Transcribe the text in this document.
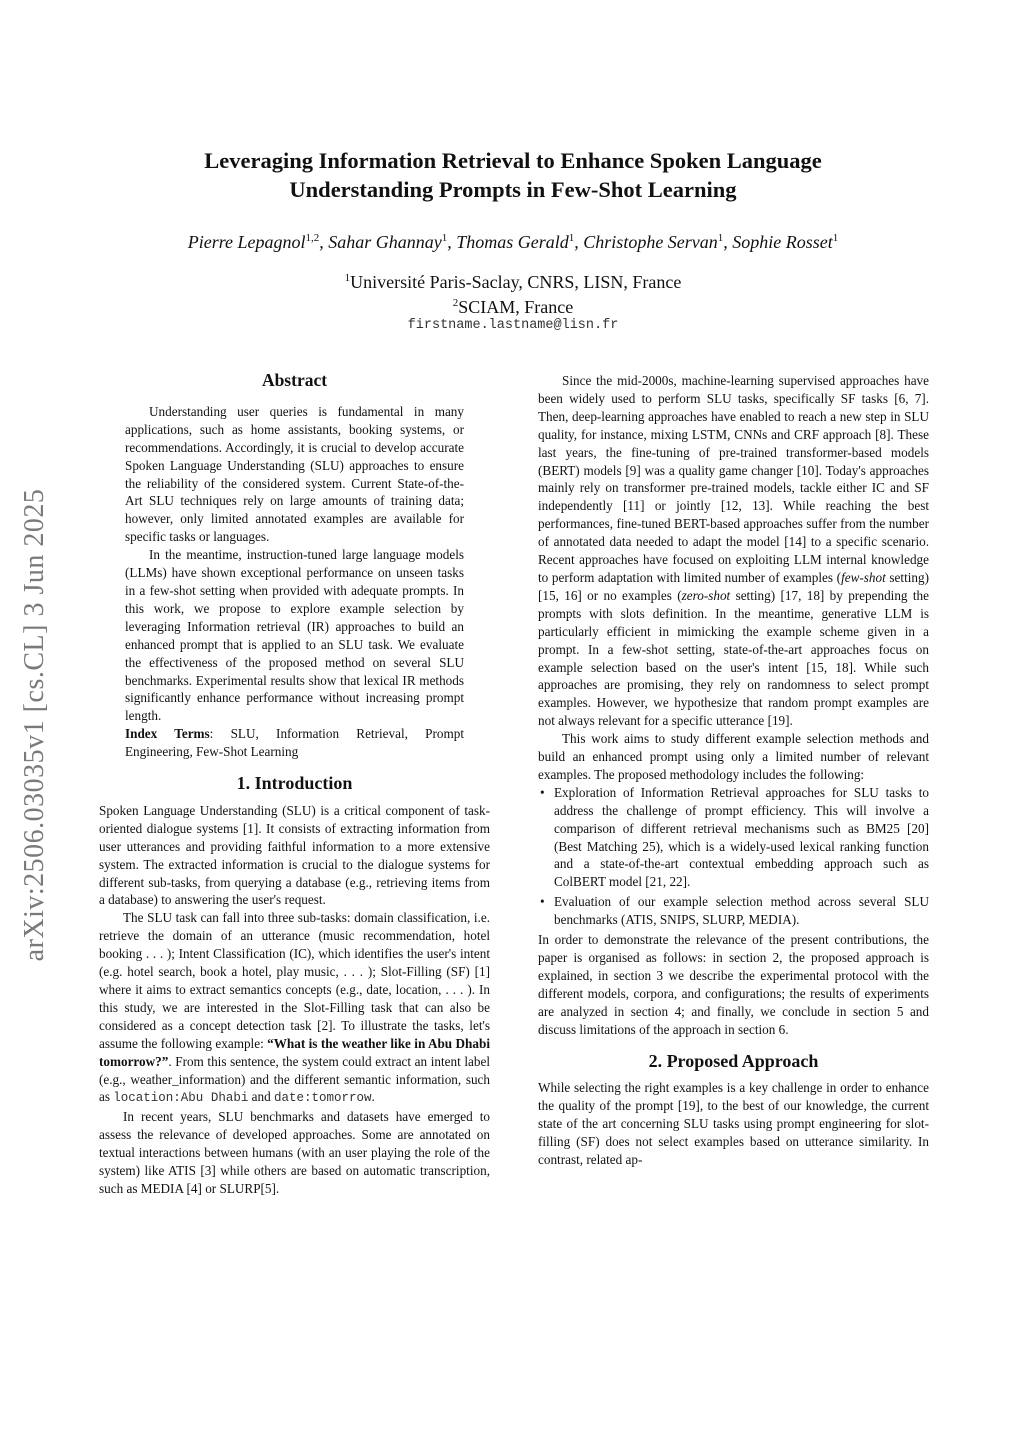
arXiv:2506.03035v1 [cs.CL] 3 Jun 2025
Leveraging Information Retrieval to Enhance Spoken Language
Understanding Prompts in Few-Shot Learning

Pierre Lepagnol$^{1,2}$, Sahar Ghannay$^1$, Thomas Gerald$^1$, Christophe Servan$^1$, Sophie Rosset$^1$

$^1$Université Paris-Saclay, CNRS, LISN, France

$^2$SCIAM, France

firstname.lastname@lisn.fr

Abstract

Understanding user queries is fundamental in many applications, such as home assistants, booking systems, or recommendations. Accordingly, it is crucial to develop accurate Spoken Language Understanding (SLU) approaches to ensure the reliability of the considered system. Current State-of-the-Art SLU techniques rely on large amounts of training data; however, only limited annotated examples are available for specific tasks or languages.

In the meantime, instruction-tuned large language models (LLMs) have shown exceptional performance on unseen tasks in a few-shot setting when provided with adequate prompts. In this work, we propose to explore example selection by leveraging Information retrieval (IR) approaches to build an enhanced prompt that is applied to an SLU task. We evaluate the effectiveness of the proposed method on several SLU benchmarks. Experimental results show that lexical IR methods significantly enhance performance without increasing prompt length.

Index Terms: SLU, Information Retrieval, Prompt Engineering, Few-Shot Learning

1. Introduction

Spoken Language Understanding (SLU) is a critical component of task-oriented dialogue systems [1]. It consists of extracting information from user utterances and providing faithful information to a more extensive system. The extracted information is crucial to the dialogue systems for different sub-tasks, from querying a database (e.g., retrieving items from a database) to answering the user's request.

The SLU task can fall into three sub-tasks: domain classification, i.e. retrieve the domain of an utterance (music recommendation, hotel booking . . . ); Intent Classification (IC), which identifies the user's intent (e.g. hotel search, book a hotel, play music, . . . ); Slot-Filling (SF) [1] where it aims to extract semantics concepts (e.g., date, location, . . . ). In this study, we are interested in the Slot-Filling task that can also be considered as a concept detection task [2]. To illustrate the tasks, let's assume the following example: “What is the weather like in Abu Dhabi tomorrow?”. From this sentence, the system could extract an intent label (e.g., weather_information) and the different semantic information, such as location:Abu Dhabi and date:tomorrow.

In recent years, SLU benchmarks and datasets have emerged to assess the relevance of developed approaches. Some are annotated on textual interactions between humans (with an user playing the role of the system) like ATIS [3] while others are based on automatic transcription, such as MEDIA [4] or SLURP[5].

Since the mid-2000s, machine-learning supervised approaches have been widely used to perform SLU tasks, specifically SF tasks [6, 7]. Then, deep-learning approaches have enabled to reach a new step in SLU quality, for instance, mixing LSTM, CNNs and CRF approach [8]. These last years, the fine-tuning of pre-trained transformer-based models (BERT) models [9] was a quality game changer [10]. Today's approaches mainly rely on transformer pre-trained models, tackle either IC and SF independently [11] or jointly [12, 13]. While reaching the best performances, fine-tuned BERT-based approaches suffer from the number of annotated data needed to adapt the model [14] to a specific scenario. Recent approaches have focused on exploiting LLM internal knowledge to perform adaptation with limited number of examples (few-shot setting) [15, 16] or no examples (zero-shot setting) [17, 18] by prepending the prompts with slots definition. In the meantime, generative LLM is particularly efficient in mimicking the example scheme given in a prompt. In a few-shot setting, state-of-the-art approaches focus on example selection based on the user's intent [15, 18]. While such approaches are promising, they rely on randomness to select prompt examples. However, we hypothesize that random prompt examples are not always relevant for a specific utterance [19].

This work aims to study different example selection methods and build an enhanced prompt using only a limited number of relevant examples. The proposed methodology includes the following:

• Exploration of Information Retrieval approaches for SLU tasks to address the challenge of prompt efficiency. This will involve a comparison of different retrieval mechanisms such as BM25 [20] (Best Matching 25), which is a widely-used lexical ranking function and a state-of-the-art contextual embedding approach such as ColBERT model [21, 22].
• Evaluation of our example selection method across several SLU benchmarks (ATIS, SNIPS, SLURP, MEDIA).

In order to demonstrate the relevance of the present contributions, the paper is organised as follows: in section 2, the proposed approach is explained, in section 3 we describe the experimental protocol with the different models, corpora, and configurations; the results of experiments are analyzed in section 4; and finally, we conclude in section 5 and discuss limitations of the approach in section 6.

2. Proposed Approach

While selecting the right examples is a key challenge in order to enhance the quality of the prompt [19], to the best of our knowledge, the current state of the art concerning SLU tasks using prompt engineering for slot-filling (SF) does not select examples based on utterance similarity. In contrast, related ap-
